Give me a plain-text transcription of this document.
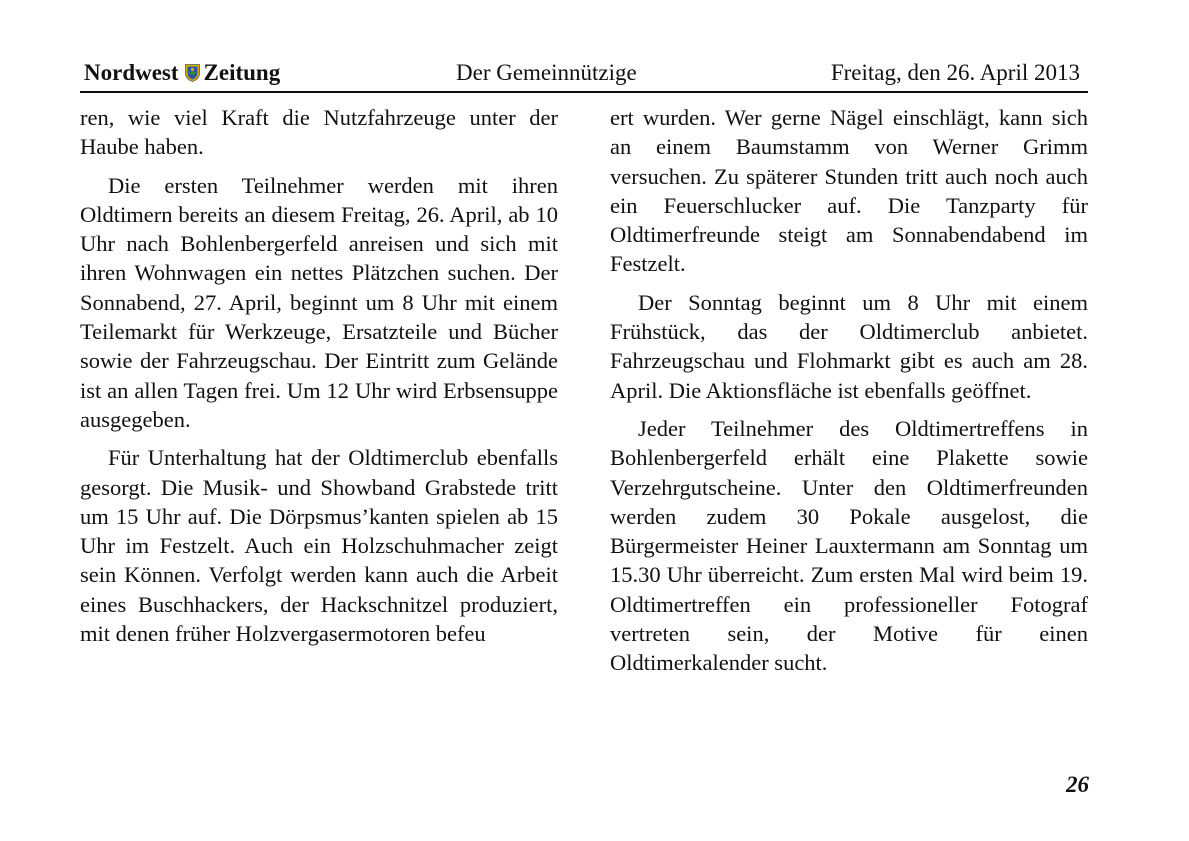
Nordwest Zeitung	Der Gemeinnützige	Freitag, den 26. April 2013

ren, wie viel Kraft die Nutzfahrzeuge unter der Haube haben.

Die ersten Teilnehmer werden mit ihren Oldtimern bereits an diesem Freitag, 26. April, ab 10 Uhr nach Bohlenbergerfeld anreisen und sich mit ihren Wohnwagen ein nettes Plätzchen suchen. Der Sonnabend, 27. April, beginnt um 8 Uhr mit einem Teilemarkt für Werkzeuge, Ersatzteile und Bücher sowie der Fahrzeugschau. Der Eintritt zum Gelände ist an allen Tagen frei. Um 12 Uhr wird Erbsensuppe ausgegeben.

Für Unterhaltung hat der Oldtimerclub ebenfalls gesorgt. Die Musik- und Showband Grabstede tritt um 15 Uhr auf. Die Dörpsmus’kanten spielen ab 15 Uhr im Festzelt. Auch ein Holzschuhmacher zeigt sein Können. Verfolgt werden kann auch die Arbeit eines Buschhackers, der Hackschnitzel produziert, mit denen früher Holzvergasermotoren befeu

ert wurden. Wer gerne Nägel einschlägt, kann sich an einem Baumstamm von Werner Grimm versuchen. Zu späterer Stunden tritt auch noch auch ein Feuerschlucker auf. Die Tanzparty für Oldtimerfreunde steigt am Sonnabendabend im Festzelt.

Der Sonntag beginnt um 8 Uhr mit einem Frühstück, das der Oldtimerclub anbietet. Fahrzeugschau und Flohmarkt gibt es auch am 28. April. Die Aktionsfläche ist ebenfalls geöffnet.

Jeder Teilnehmer des Oldtimertreffens in Bohlenbergerfeld erhält eine Plakette sowie Verzehrgutscheine. Unter den Oldtimerfreunden werden zudem 30 Pokale ausgelost, die Bürgermeister Heiner Lauxtermann am Sonntag um 15.30 Uhr überreicht. Zum ersten Mal wird beim 19. Oldtimertreffen ein professioneller Fotograf vertreten sein, der Motive für einen Oldtimerkalender sucht.

26
